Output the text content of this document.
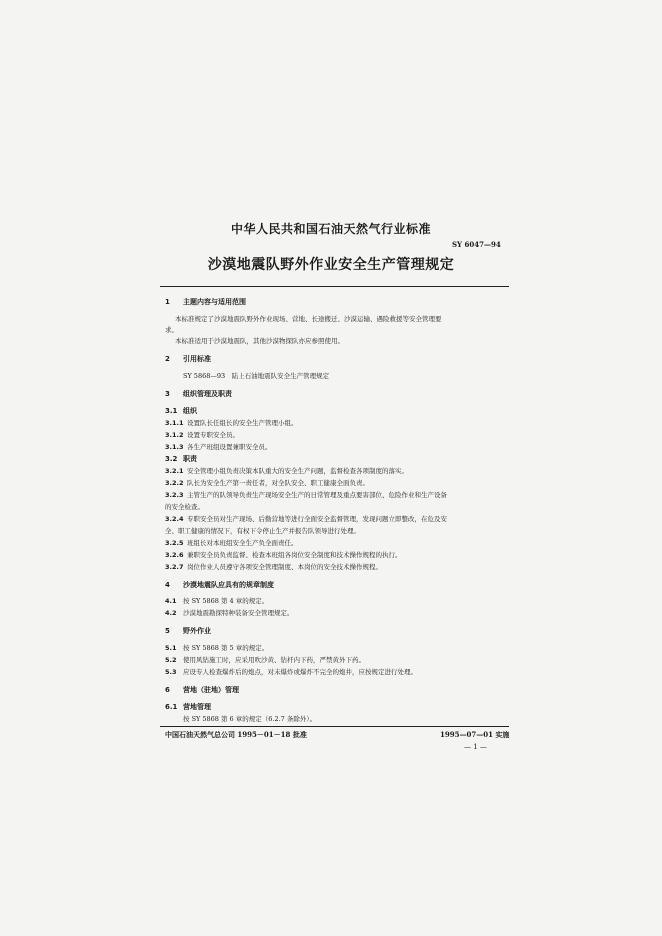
中华人民共和国石油天然气行业标准
SY 6047—94
沙漠地震队野外作业安全生产管理规定
1 主题内容与适用范围
本标准规定了沙漠地震队野外作业现场、营地、长途搬迁、沙漠运输、遇险救援等安全管理要
求。
本标准适用于沙漠地震队，其他沙漠物探队亦应参照使用。
2 引用标准
SY 5868—93　陆上石油地震队安全生产管理规定
3 组织管理及职责
3.1 组织
3.1.1 设置队长任组长的安全生产管理小组。
3.1.2 设置专职安全员。
3.1.3 各生产班组设置兼职安全员。
3.2 职责
3.2.1 安全管理小组负责决策本队重大的安全生产问题，监督检查各项制度的落实。
3.2.2 队长为安全生产第一责任者，对全队安全、职工健康全面负责。
3.2.3 主管生产的队领导负责生产现场安全生产的日常管理及重点要害部位、危险作业和生产设备
的安全检查。
3.2.4 专职安全员对生产现场、后勤营地等进行全面安全监督管理，发现问题立即整改，在危及安
全、职工健康的情况下，有权下令停止生产并报告队领导进行处理。
3.2.5 班组长对本班组安全生产负全面责任。
3.2.6 兼职安全员负责监督、检查本班组各岗位安全制度和技术操作规程的执行。
3.2.7 岗位作业人员遵守各项安全管理制度、本岗位的安全技术操作规程。
4 沙漠地震队应具有的规章制度
4.1 按 SY 5868 第 4 章的规定。
4.2 沙漠地震勘探特种装备安全管理规定。
5 野外作业
5.1 按 SY 5868 第 5 章的规定。
5.2 使用风钻施工时，应采用吹沙黄、钻杆内下药，严禁黄外下药。
5.3 应设专人检查爆炸后的炮点，对未爆炸或爆炸不完全的炮井，应按规定进行处理。
6 营地（驻地）管理
6.1 营地管理
按 SY 5868 第 6 章的规定（6.2.7 条除外）。
中国石油天然气总公司 1995－01－18 批准	1995—07—01 实施
— 1 —
